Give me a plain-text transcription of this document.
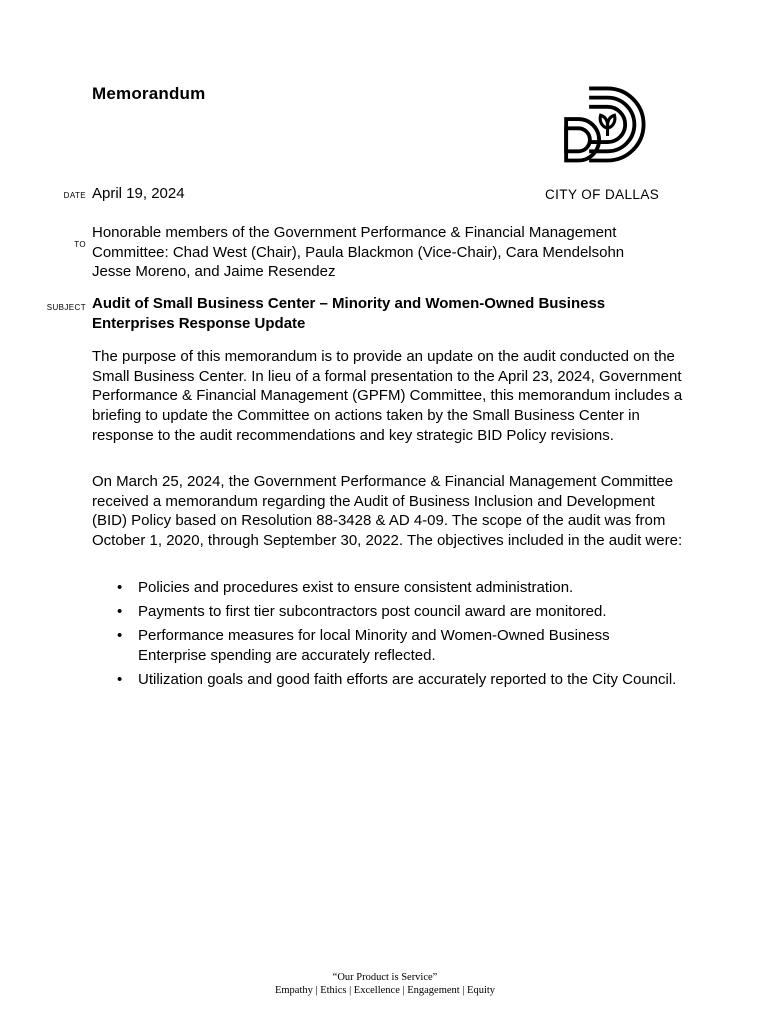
Memorandum
CITY OF DALLAS
DATE April 19, 2024
TO
Honorable members of the Government Performance & Financial Management Committee: Chad West (Chair), Paula Blackmon (Vice-Chair), Cara Mendelsohn Jesse Moreno, and Jaime Resendez
SUBJECT Audit of Small Business Center – Minority and Women-Owned Business Enterprises Response Update
The purpose of this memorandum is to provide an update on the audit conducted on the Small Business Center. In lieu of a formal presentation to the April 23, 2024, Government Performance & Financial Management (GPFM) Committee, this memorandum includes a briefing to update the Committee on actions taken by the Small Business Center in response to the audit recommendations and key strategic BID Policy revisions.
On March 25, 2024, the Government Performance & Financial Management Committee received a memorandum regarding the Audit of Business Inclusion and Development (BID) Policy based on Resolution 88-3428 & AD 4-09. The scope of the audit was from October 1, 2020, through September 30, 2022. The objectives included in the audit were:
• Policies and procedures exist to ensure consistent administration.
• Payments to first tier subcontractors post council award are monitored.
• Performance measures for local Minority and Women-Owned Business Enterprise spending are accurately reflected.
• Utilization goals and good faith efforts are accurately reported to the City Council.
“Our Product is Service”
Empathy | Ethics | Excellence | Engagement | Equity
